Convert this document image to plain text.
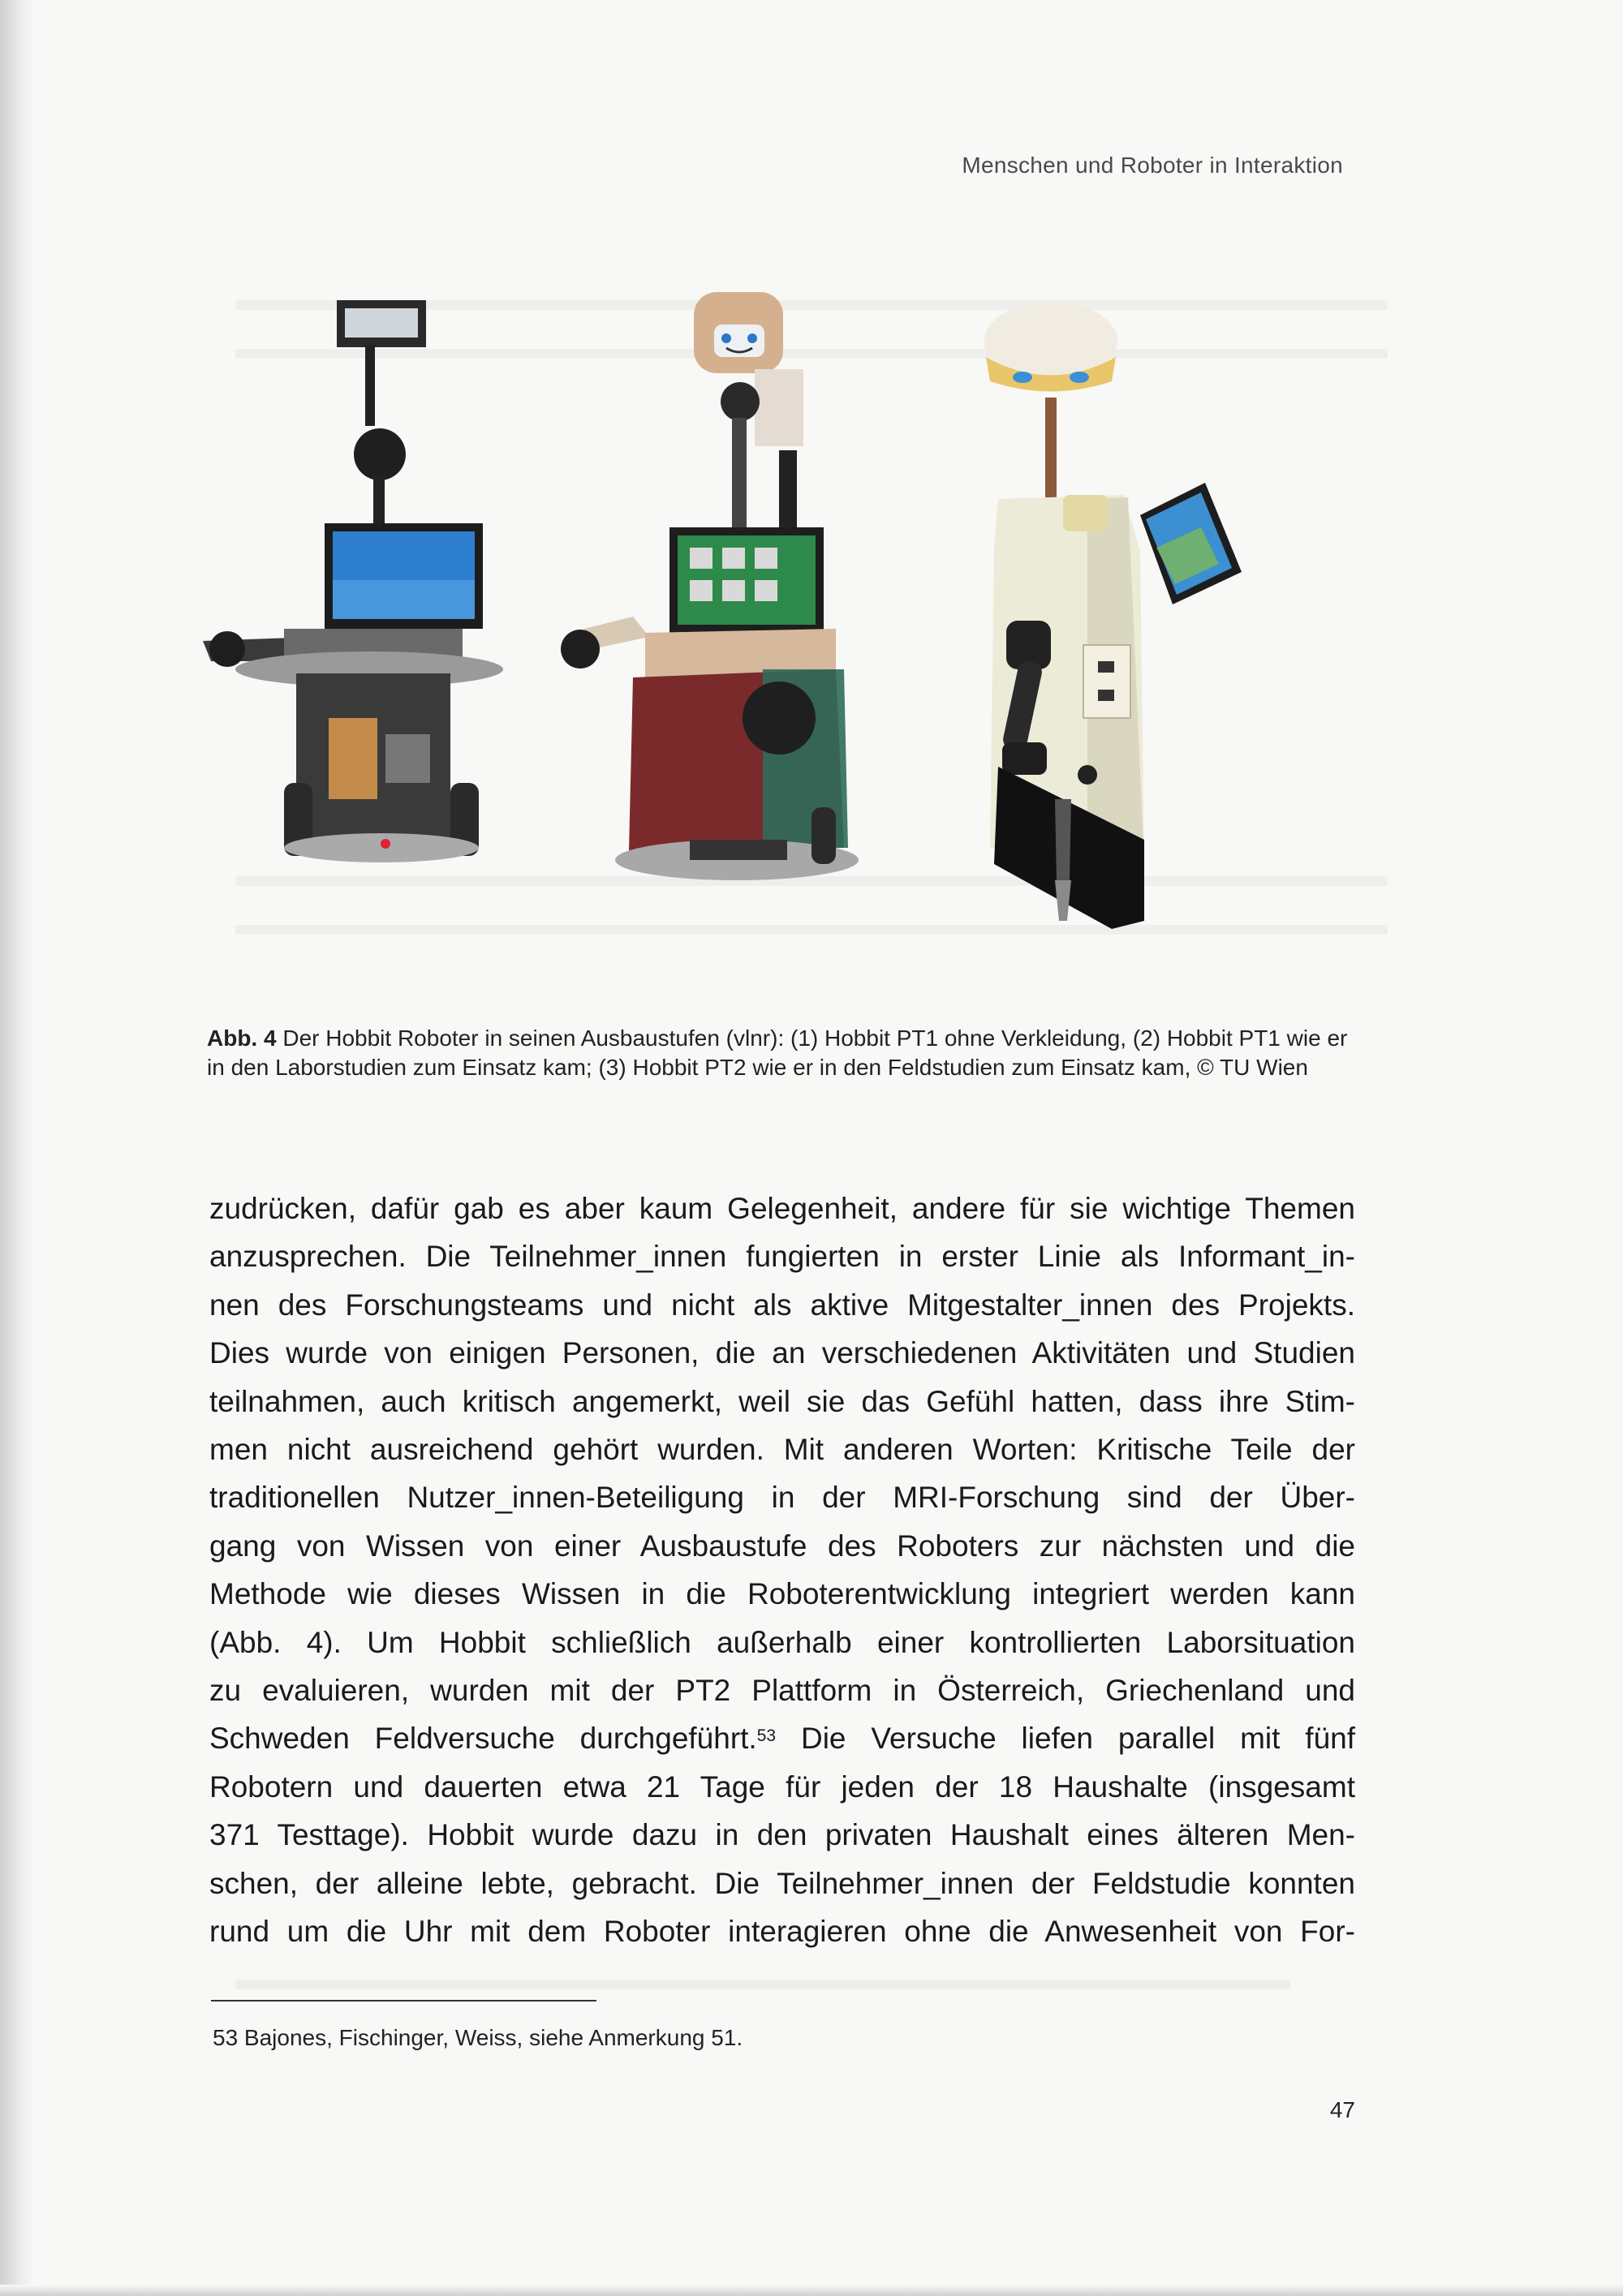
Menschen und Roboter in Interaktion
Abb. 4 Der Hobbit Roboter in seinen Ausbaustufen (vlnr): (1) Hobbit PT1 ohne Verkleidung, (2) Hobbit PT1 wie er in den Laborstudien zum Einsatz kam; (3) Hobbit PT2 wie er in den Feldstudien zum Einsatz kam, © TU Wien
zudrücken, dafür gab es aber kaum Gelegenheit, andere für sie wichtige Themen
anzusprechen. Die Teilnehmer_innen fungierten in erster Linie als Informant_in-
nen des Forschungsteams und nicht als aktive Mitgestalter_innen des Projekts.
Dies wurde von einigen Personen, die an verschiedenen Aktivitäten und Studien
teilnahmen, auch kritisch angemerkt, weil sie das Gefühl hatten, dass ihre Stim-
men nicht ausreichend gehört wurden. Mit anderen Worten: Kritische Teile der
traditionellen Nutzer_innen-Beteiligung in der MRI-Forschung sind der Über-
gang von Wissen von einer Ausbaustufe des Roboters zur nächsten und die
Methode wie dieses Wissen in die Roboterentwicklung integriert werden kann
(Abb. 4). Um Hobbit schließlich außerhalb einer kontrollierten Laborsituation
zu evaluieren, wurden mit der PT2 Plattform in Österreich, Griechenland und
Schweden Feldversuche durchgeführt.$^{53}$ Die Versuche liefen parallel mit fünf
Robotern und dauerten etwa 21 Tage für jeden der 18 Haushalte (insgesamt
371 Testtage). Hobbit wurde dazu in den privaten Haushalt eines älteren Men-
schen, der alleine lebte, gebracht. Die Teilnehmer_innen der Feldstudie konnten
rund um die Uhr mit dem Roboter interagieren ohne die Anwesenheit von For-
53 Bajones, Fischinger, Weiss, siehe Anmerkung 51.
47
